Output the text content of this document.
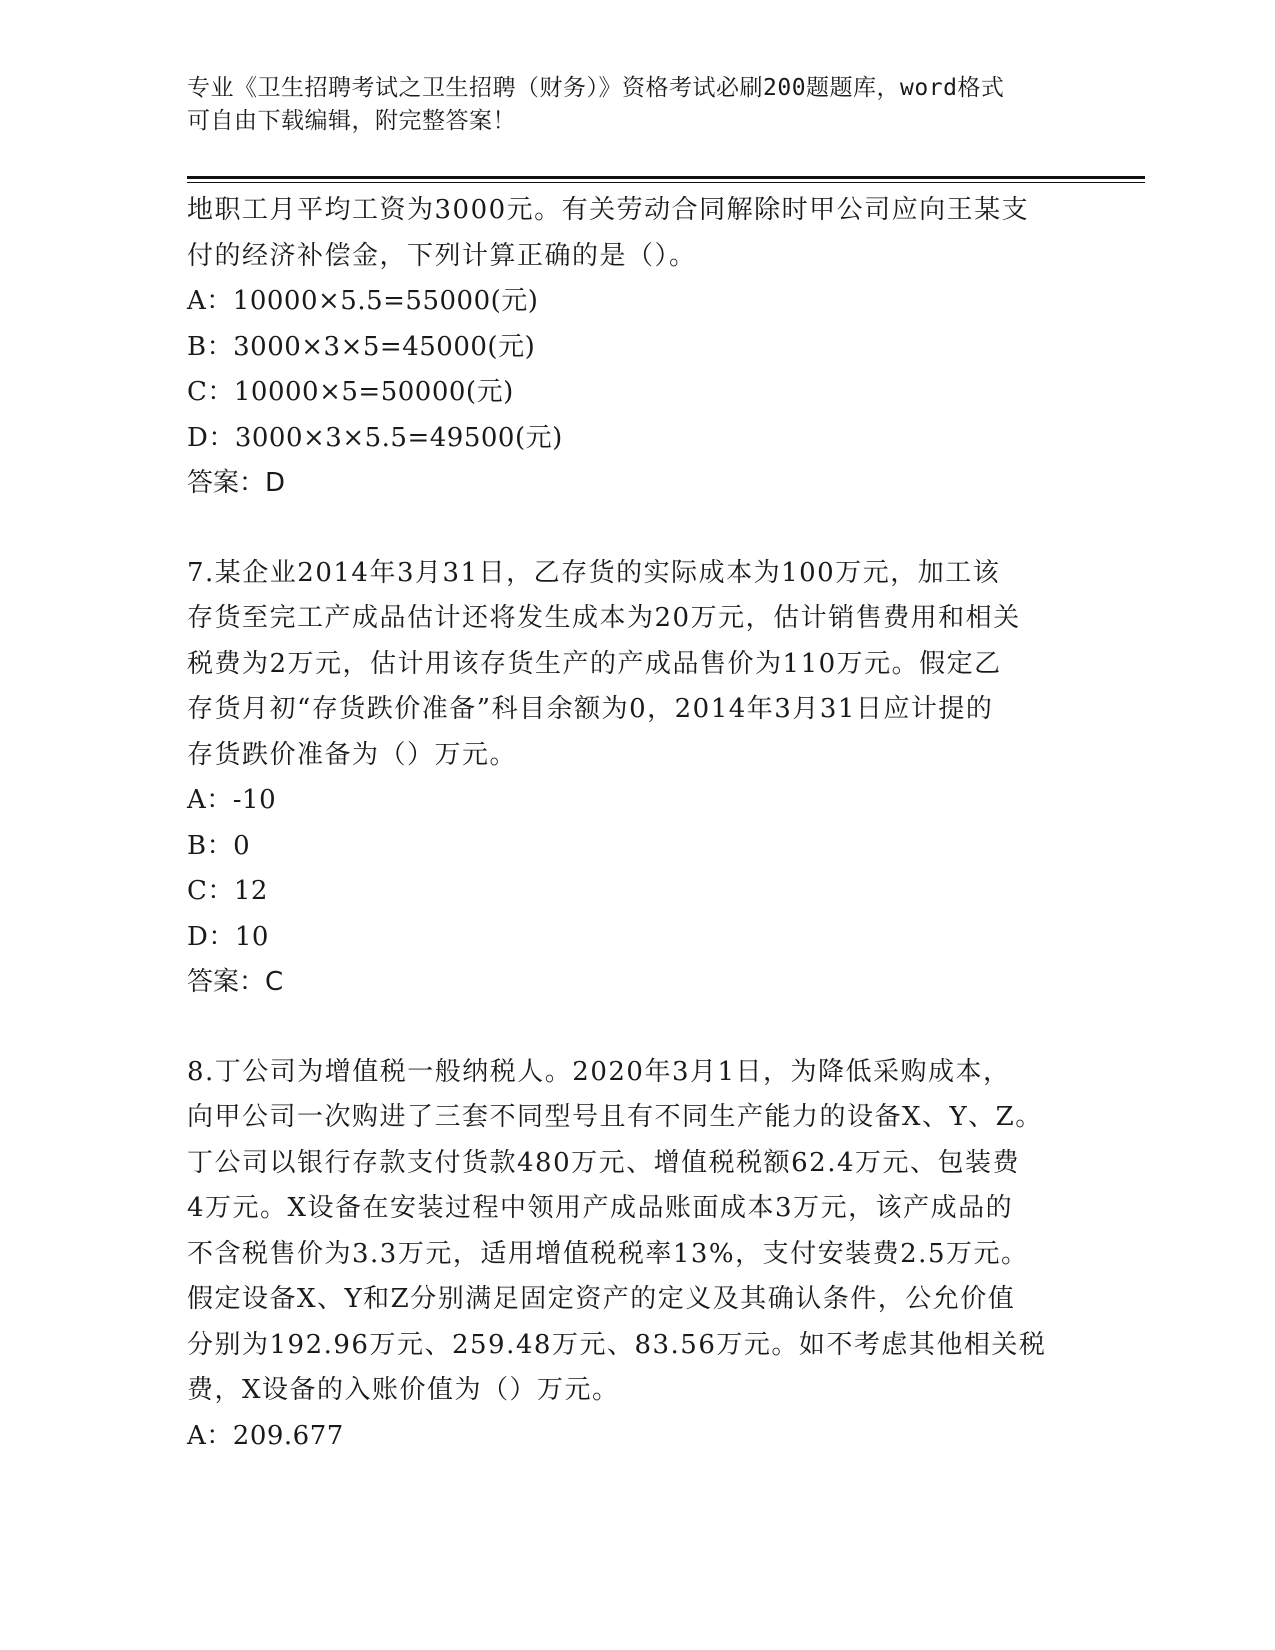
专业《卫生招聘考试之卫生招聘（财务）》资格考试必刷200题题库，word格式
可自由下载编辑，附完整答案！

地职工月平均工资为3000元。有关劳动合同解除时甲公司应向王某支

付的经济补偿金，下列计算正确的是（）。

A：10000×5.5=55000(元)

B：3000×3×5=45000(元)

C：10000×5=50000(元)

D：3000×3×5.5=49500(元)

答案：D

7.某企业2014年3月31日，乙存货的实际成本为100万元，加工该

存货至完工产成品估计还将发生成本为20万元，估计销售费用和相关

税费为2万元，估计用该存货生产的产成品售价为110万元。假定乙

存货月初“存货跌价准备”科目余额为0，2014年3月31日应计提的

存货跌价准备为（）万元。

A：-10

B：0

C：12

D：10

答案：C

8.丁公司为增值税一般纳税人。2020年3月1日，为降低采购成本，

向甲公司一次购进了三套不同型号且有不同生产能力的设备X、Y、Z。

丁公司以银行存款支付货款480万元、增值税税额62.4万元、包装费

4万元。X设备在安装过程中领用产成品账面成本3万元，该产成品的

不含税售价为3.3万元，适用增值税税率13%，支付安装费2.5万元。

假定设备X、Y和Z分别满足固定资产的定义及其确认条件，公允价值

分别为192.96万元、259.48万元、83.56万元。如不考虑其他相关税

费，X设备的入账价值为（）万元。

A：209.677
